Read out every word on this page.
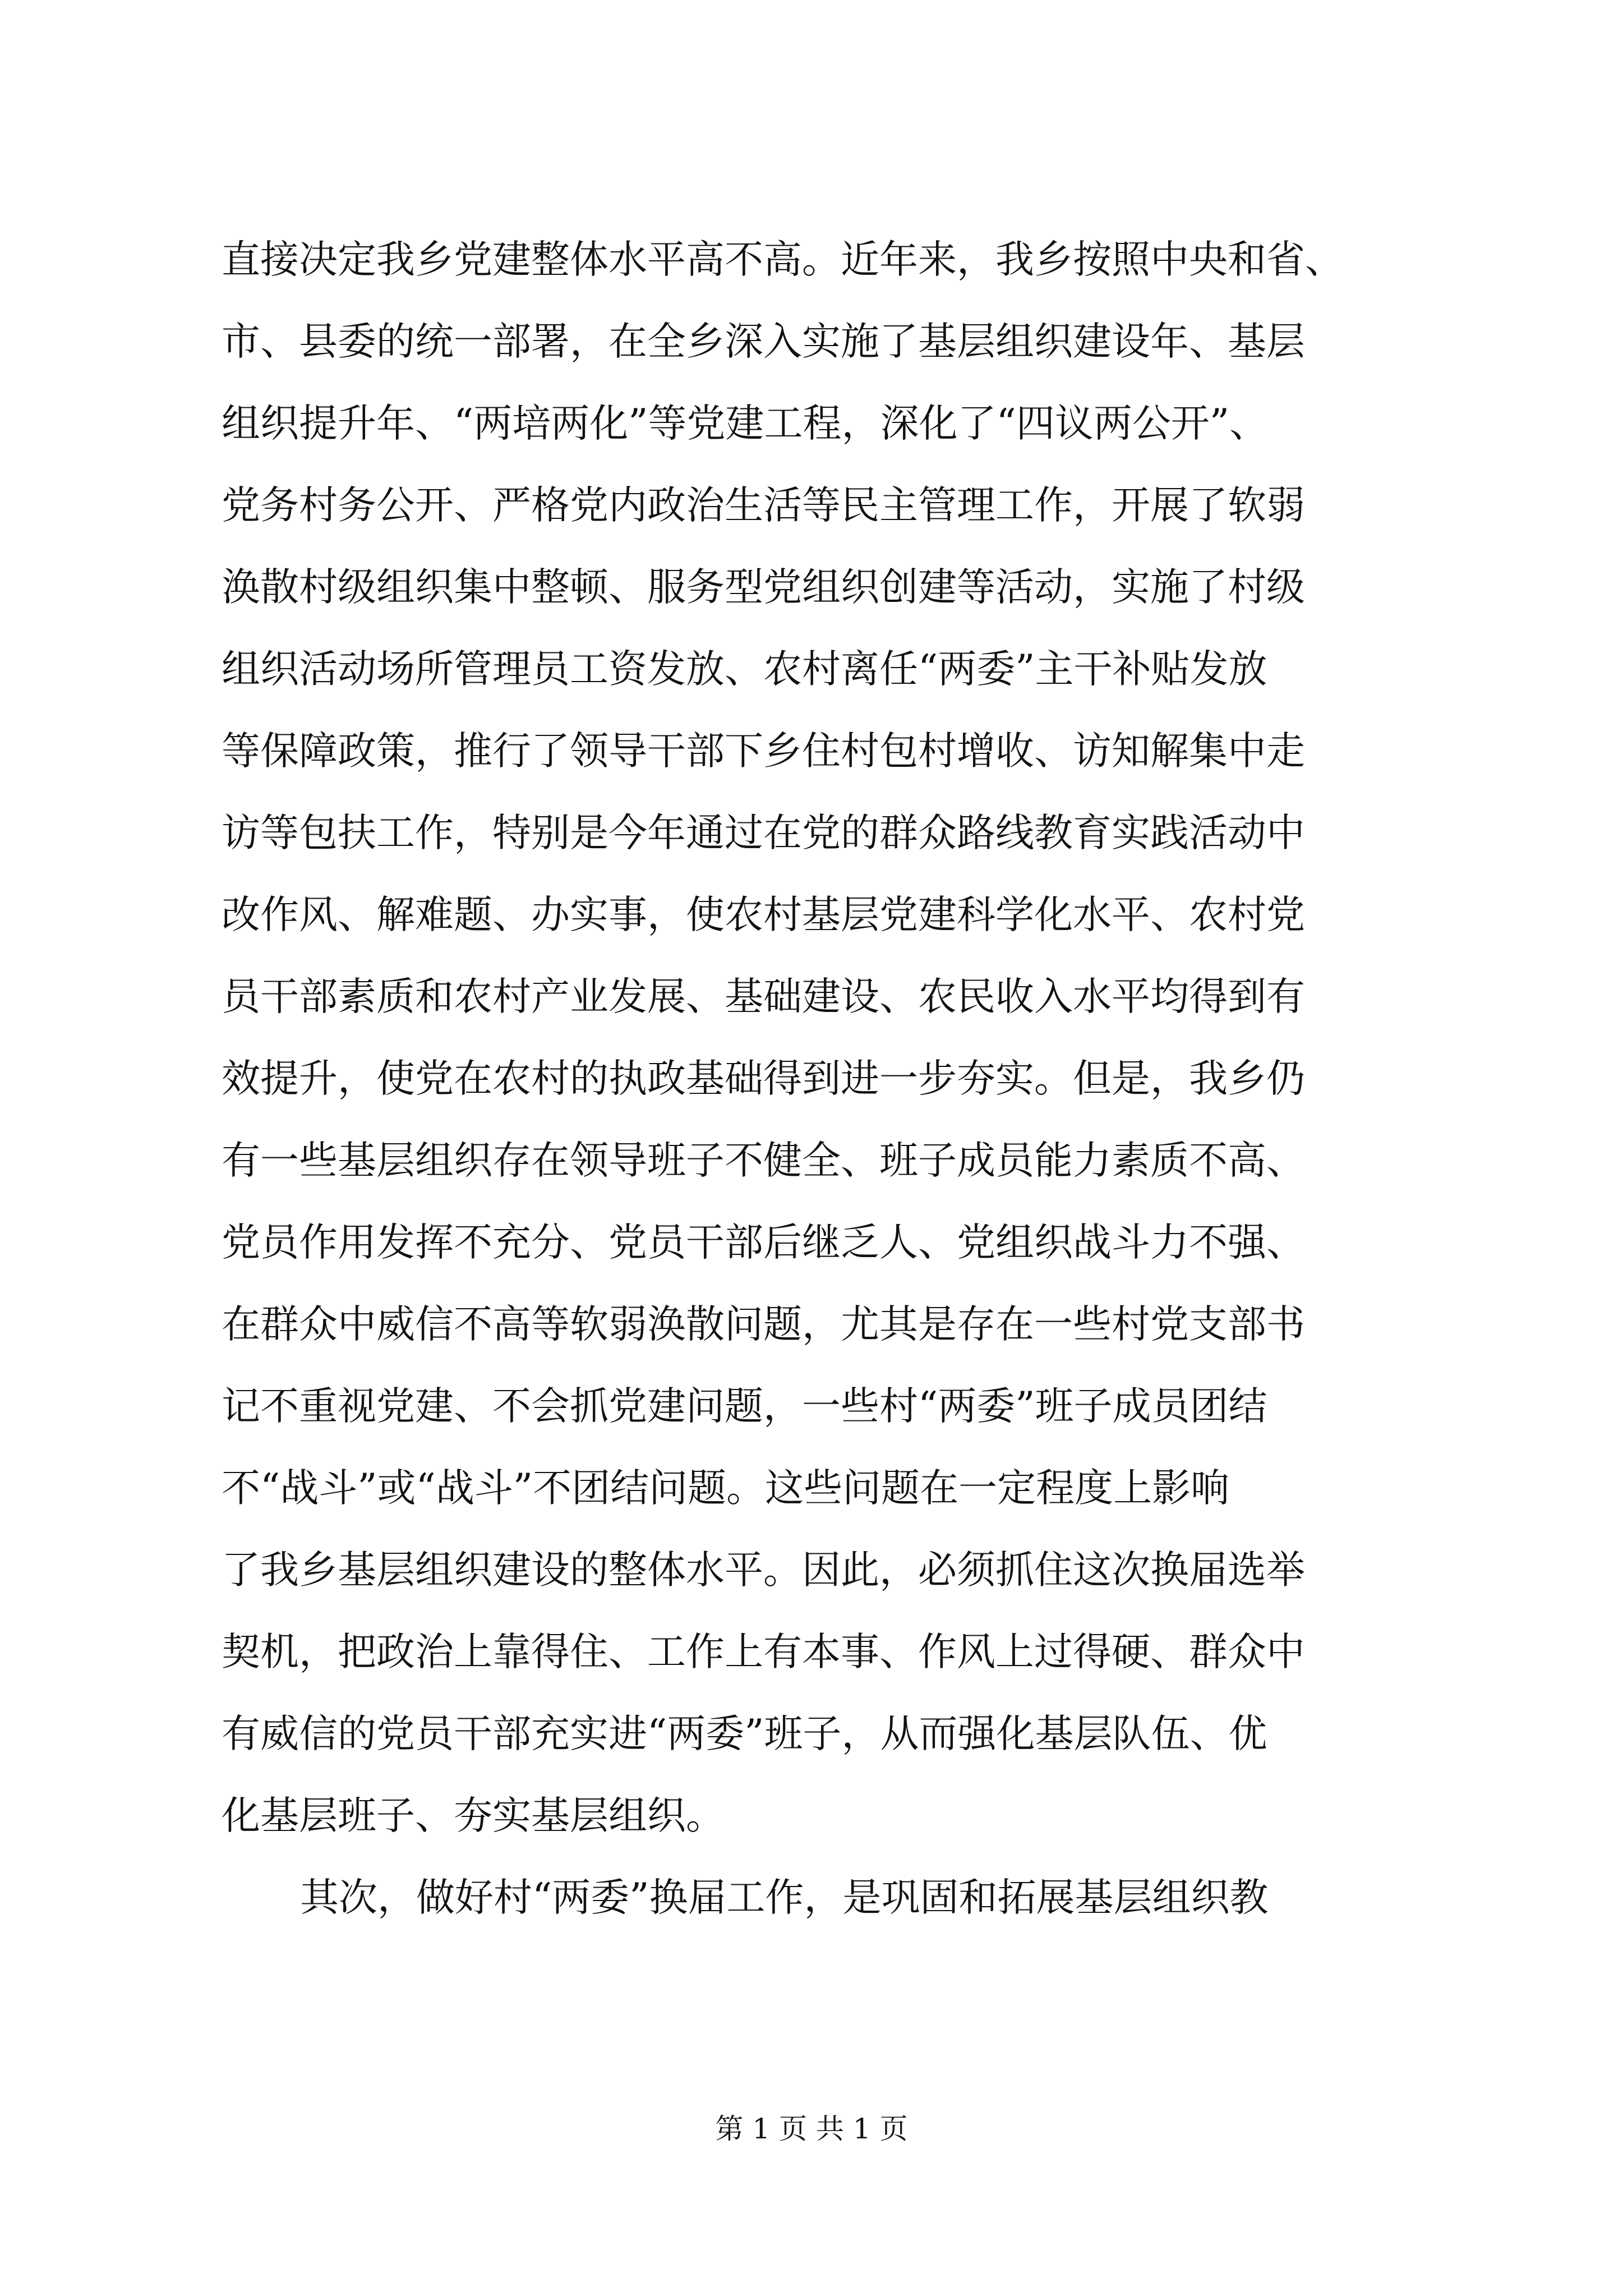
直接决定我乡党建整体水平高不高。近年来，我乡按照中央和省、
市、县委的统一部署，在全乡深入实施了基层组织建设年、基层
组织提升年、“两培两化”等党建工程，深化了“四议两公开”、
党务村务公开、严格党内政治生活等民主管理工作，开展了软弱
涣散村级组织集中整顿、服务型党组织创建等活动，实施了村级
组织活动场所管理员工资发放、农村离任“两委”主干补贴发放
等保障政策，推行了领导干部下乡住村包村增收、访知解集中走
访等包扶工作，特别是今年通过在党的群众路线教育实践活动中
改作风、解难题、办实事，使农村基层党建科学化水平、农村党
员干部素质和农村产业发展、基础建设、农民收入水平均得到有
效提升，使党在农村的执政基础得到进一步夯实。但是，我乡仍
有一些基层组织存在领导班子不健全、班子成员能力素质不高、
党员作用发挥不充分、党员干部后继乏人、党组织战斗力不强、
在群众中威信不高等软弱涣散问题，尤其是存在一些村党支部书
记不重视党建、不会抓党建问题，一些村“两委”班子成员团结
不“战斗”或“战斗”不团结问题。这些问题在一定程度上影响
了我乡基层组织建设的整体水平。因此，必须抓住这次换届选举
契机，把政治上靠得住、工作上有本事、作风上过得硬、群众中
有威信的党员干部充实进“两委”班子，从而强化基层队伍、优
化基层班子、夯实基层组织。
其次，做好村“两委”换届工作，是巩固和拓展基层组织教
第 1 页 共 1 页
